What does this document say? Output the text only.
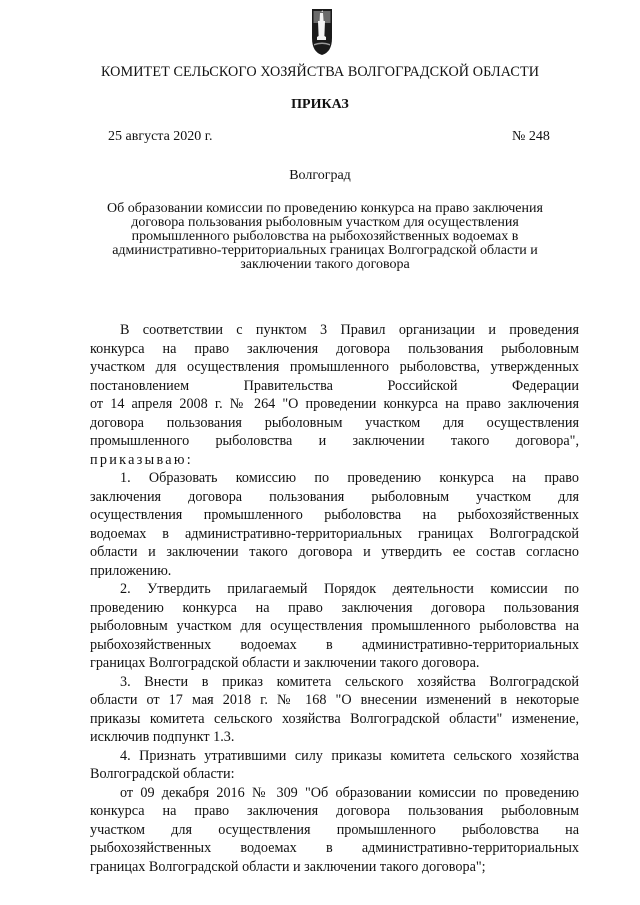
КОМИТЕТ СЕЛЬСКОГО ХОЗЯЙСТВА ВОЛГОГРАДСКОЙ ОБЛАСТИ
ПРИКАЗ
25 августа 2020 г.	№ 248
Волгоград
Об образовании комиссии по проведению конкурса на право заключения
договора пользования рыболовным участком для осуществления
промышленного рыболовства на рыбохозяйственных водоемах в
административно-территориальных границах Волгоградской области и
заключении такого договора
В соответствии с пунктом 3 Правил организации и проведения
конкурса на право заключения договора пользования рыболовным
участком для осуществления промышленного рыболовства, утвержденных
постановлением Правительства Российской Федерации
от 14 апреля 2008 г. № 264 "О проведении конкурса на право заключения
договора пользования рыболовным участком для осуществления
промышленного рыболовства и заключении такого договора",
приказываю:
1. Образовать комиссию по проведению конкурса на право
заключения договора пользования рыболовным участком для
осуществления промышленного рыболовства на рыбохозяйственных
водоемах в административно-территориальных границах Волгоградской
области и заключении такого договора и утвердить ее состав согласно
приложению.
2. Утвердить прилагаемый Порядок деятельности комиссии по
проведению конкурса на право заключения договора пользования
рыболовным участком для осуществления промышленного рыболовства на
рыбохозяйственных водоемах в административно-территориальных
границах Волгоградской области и заключении такого договора.
3. Внести в приказ комитета сельского хозяйства Волгоградской
области от 17 мая 2018 г. № 168 "О внесении изменений в некоторые
приказы комитета сельского хозяйства Волгоградской области" изменение,
исключив подпункт 1.3.
4. Признать утратившими силу приказы комитета сельского хозяйства
Волгоградской области:
от 09 декабря 2016 № 309 "Об образовании комиссии по проведению
конкурса на право заключения договора пользования рыболовным
участком для осуществления промышленного рыболовства на
рыбохозяйственных водоемах в административно-территориальных
границах Волгоградской области и заключении такого договора";
